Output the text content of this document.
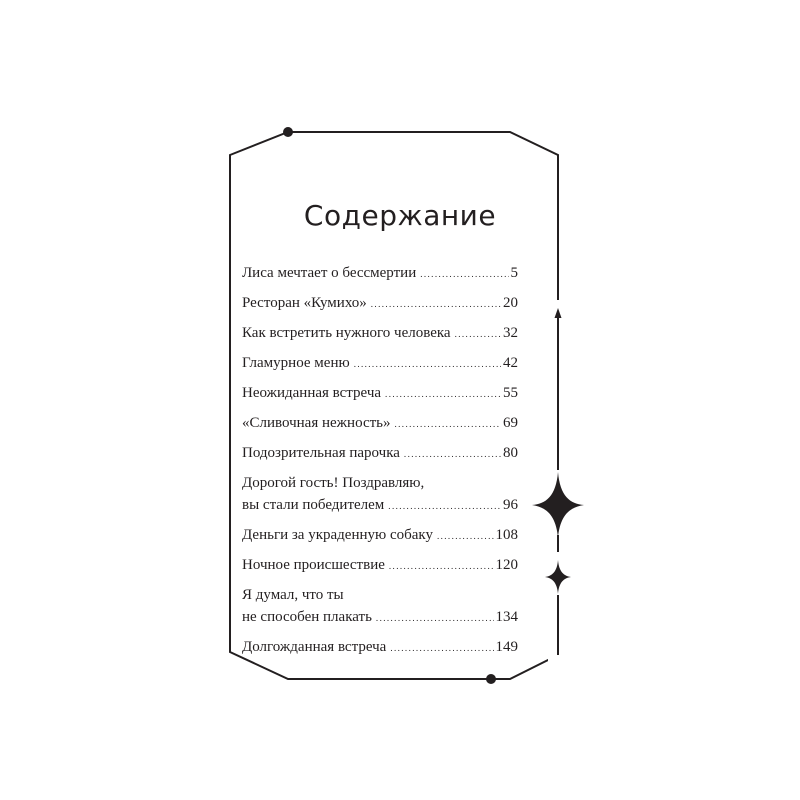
Содержание
Лиса мечтает о бессмертии .....	5
Ресторан «Кумихо» .....	20
Как встретить нужного человека .....	32
Гламурное меню .....	42
Неожиданная встреча .....	55
«Сливочная нежность» .....	69
Подозрительная парочка .....	80
Дорогой гость! Поздравляю,
вы стали победителем .....	96
Деньги за украденную собаку .....	108
Ночное происшествие .....	120
Я думал, что ты
не способен плакать .....	134
Долгожданная встреча .....	149
